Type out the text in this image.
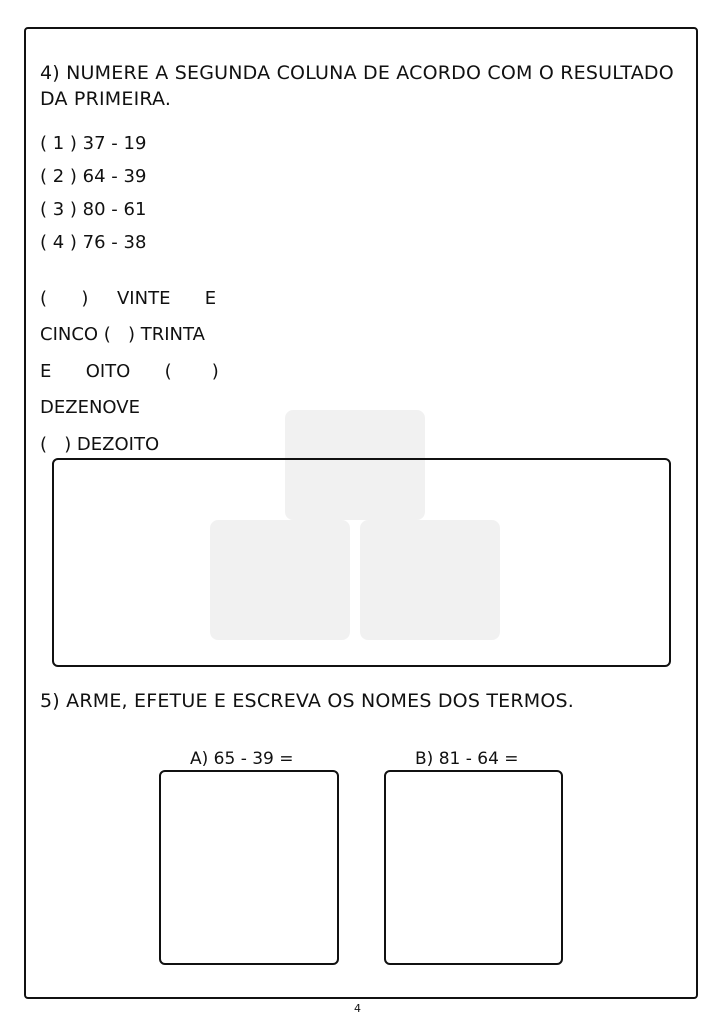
4) NUMERE A SEGUNDA COLUNA DE ACORDO COM O RESULTADO DA PRIMEIRA.
( 1 ) 37 - 19
( 2 ) 64 - 39
( 3 ) 80 - 61
( 4 ) 76 - 38
(      )     VINTE      E
CINCO (   ) TRINTA
E      OITO      (       )
DEZENOVE
(   ) DEZOITO
5) ARME, EFETUE E ESCREVA OS NOMES DOS TERMOS.
A) 65 - 39 =	B) 81 - 64 =
4
